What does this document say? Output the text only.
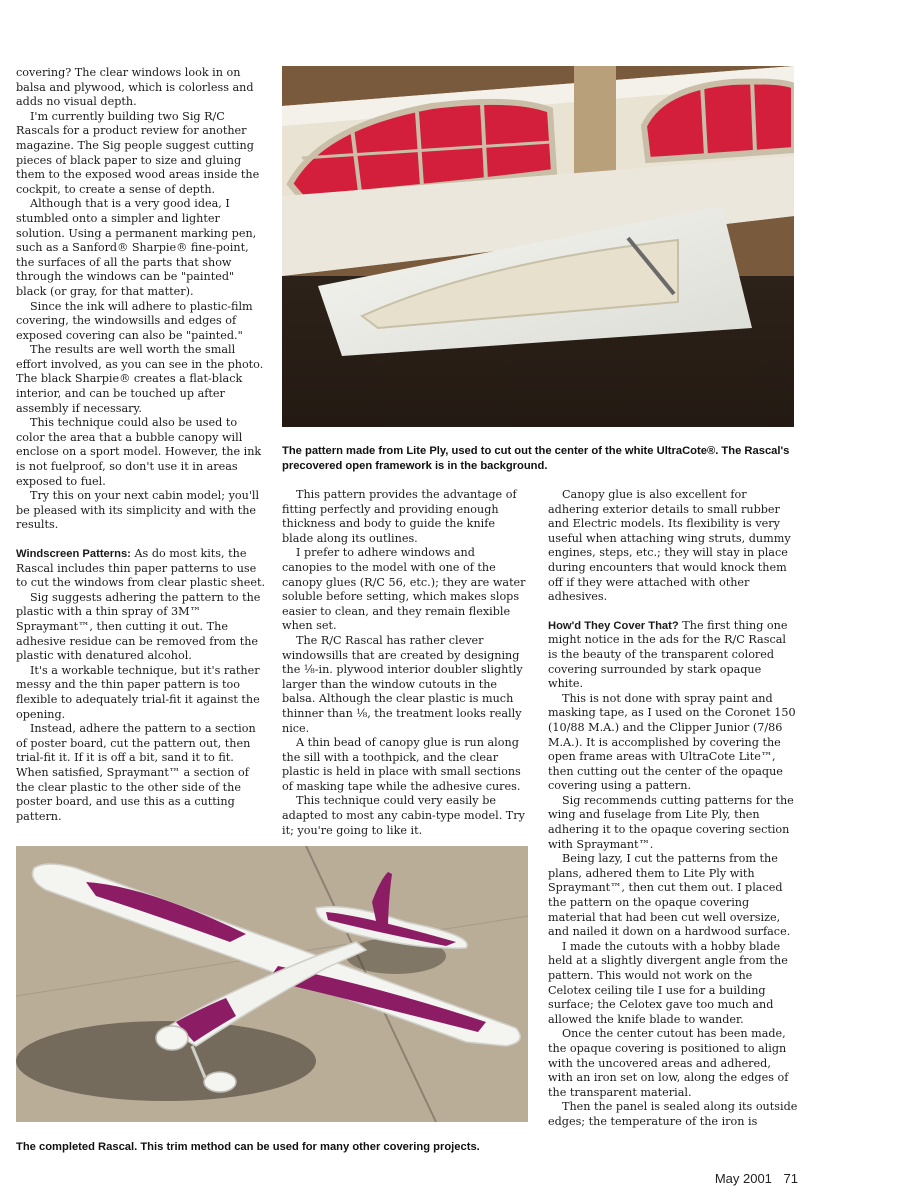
covering? The clear windows look in on balsa and plywood, which is colorless and adds no visual depth.

I'm currently building two Sig R/C Rascals for a product review for another magazine. The Sig people suggest cutting pieces of black paper to size and gluing them to the exposed wood areas inside the cockpit, to create a sense of depth.

Although that is a very good idea, I stumbled onto a simpler and lighter solution. Using a permanent marking pen, such as a Sanford® Sharpie® fine-point, the surfaces of all the parts that show through the windows can be "painted" black (or gray, for that matter).

Since the ink will adhere to plastic-film covering, the windowsills and edges of exposed covering can also be "painted."

The results are well worth the small effort involved, as you can see in the photo. The black Sharpie® creates a flat-black interior, and can be touched up after assembly if necessary.

This technique could also be used to color the area that a bubble canopy will enclose on a sport model. However, the ink is not fuelproof, so don't use it in areas exposed to fuel.

Try this on your next cabin model; you'll be pleased with its simplicity and with the results.

Windscreen Patterns: As do most kits, the Rascal includes thin paper patterns to use to cut the windows from clear plastic sheet.

Sig suggests adhering the pattern to the plastic with a thin spray of 3M™ Spraymant™, then cutting it out. The adhesive residue can be removed from the plastic with denatured alcohol.

It's a workable technique, but it's rather messy and the thin paper pattern is too flexible to adequately trial-fit it against the opening.

Instead, adhere the pattern to a section of poster board, cut the pattern out, then trial-fit it. If it is off a bit, sand it to fit. When satisfied, Spraymant™ a section of the clear plastic to the other side of the poster board, and use this as a cutting pattern.

The pattern made from Lite Ply, used to cut out the center of the white UltraCote®. The Rascal's precovered open framework is in the background.

This pattern provides the advantage of fitting perfectly and providing enough thickness and body to guide the knife blade along its outlines.

I prefer to adhere windows and canopies to the model with one of the canopy glues (R/C 56, etc.); they are water soluble before setting, which makes slops easier to clean, and they remain flexible when set.

The R/C Rascal has rather clever windowsills that are created by designing the ⅛-in. plywood interior doubler slightly larger than the window cutouts in the balsa. Although the clear plastic is much thinner than ⅛, the treatment looks really nice.

A thin bead of canopy glue is run along the sill with a toothpick, and the clear plastic is held in place with small sections of masking tape while the adhesive cures.

This technique could very easily be adapted to most any cabin-type model. Try it; you're going to like it.

Canopy glue is also excellent for adhering exterior details to small rubber and Electric models. Its flexibility is very useful when attaching wing struts, dummy engines, steps, etc.; they will stay in place during encounters that would knock them off if they were attached with other adhesives.

How'd They Cover That? The first thing one might notice in the ads for the R/C Rascal is the beauty of the transparent colored covering surrounded by stark opaque white.

This is not done with spray paint and masking tape, as I used on the Coronet 150 (10/88 M.A.) and the Clipper Junior (7/86 M.A.). It is accomplished by covering the open frame areas with UltraCote Lite™, then cutting out the center of the opaque covering using a pattern.

Sig recommends cutting patterns for the wing and fuselage from Lite Ply, then adhering it to the opaque covering section with Spraymant™.

Being lazy, I cut the patterns from the plans, adhered them to Lite Ply with Spraymant™, then cut them out. I placed the pattern on the opaque covering material that had been cut well oversize, and nailed it down on a hardwood surface.

I made the cutouts with a hobby blade held at a slightly divergent angle from the pattern. This would not work on the Celotex ceiling tile I use for a building surface; the Celotex gave too much and allowed the knife blade to wander.

Once the center cutout has been made, the opaque covering is positioned to align with the uncovered areas and adhered, with an iron set on low, along the edges of the transparent material.

Then the panel is sealed along its outside edges; the temperature of the iron is

The completed Rascal. This trim method can be used for many other covering projects.
May 2001 71
